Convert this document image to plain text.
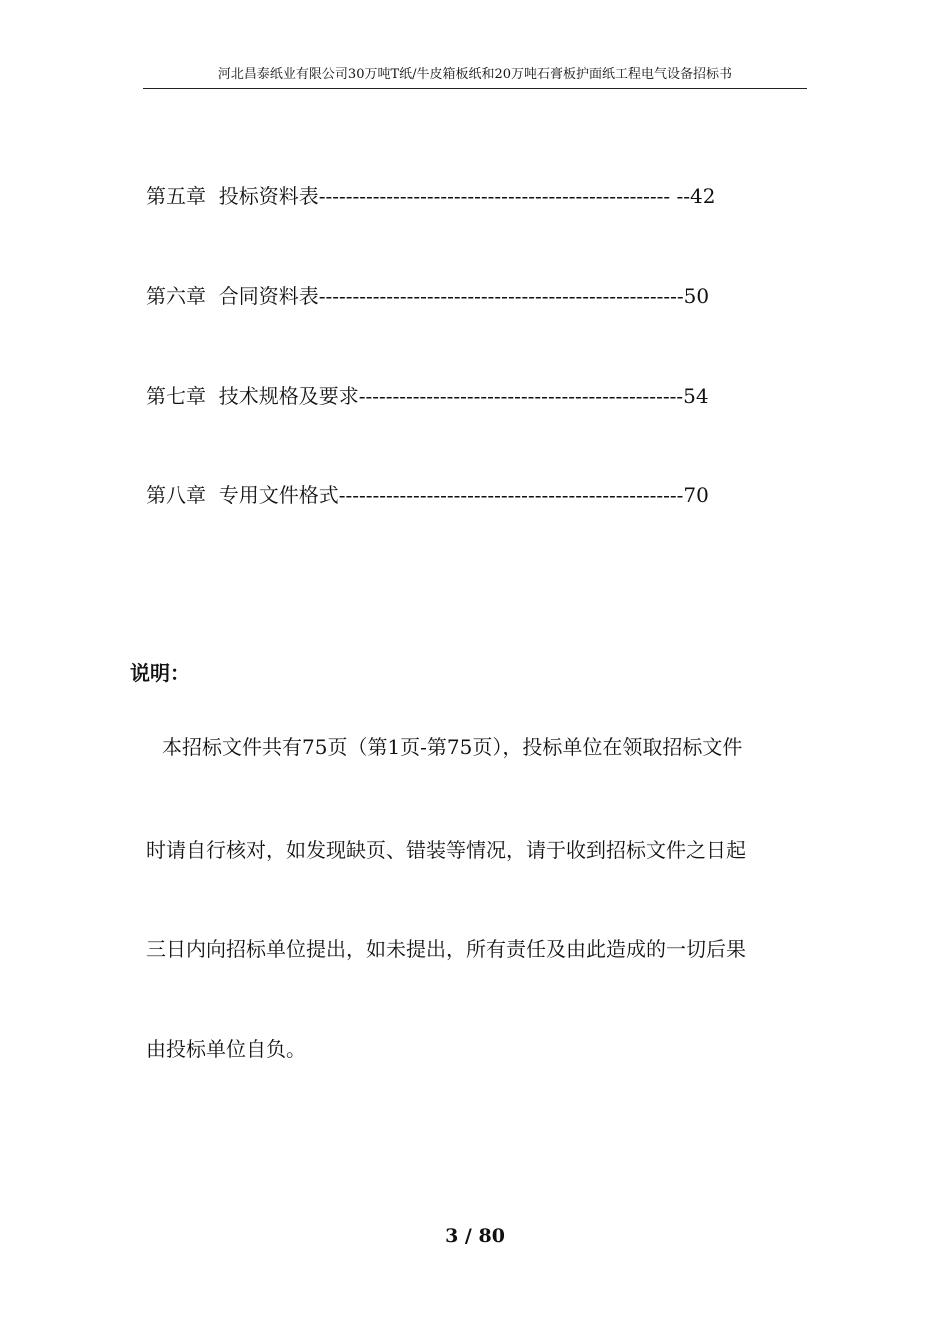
河北昌泰纸业有限公司30万吨T纸/牛皮箱板纸和20万吨石膏板护面纸工程电气设备招标书
第五章  投标资料表---------------------------------------------------- --42
第六章  合同资料表------------------------------------------------------50
第七章  技术规格及要求------------------------------------------------54
第八章  专用文件格式---------------------------------------------------70
说明：
本招标文件共有75页（第1页-第75页），投标单位在领取招标文件
时请自行核对，如发现缺页、错装等情况，请于收到招标文件之日起
三日内向招标单位提出，如未提出，所有责任及由此造成的一切后果
由投标单位自负。
3 / 80
